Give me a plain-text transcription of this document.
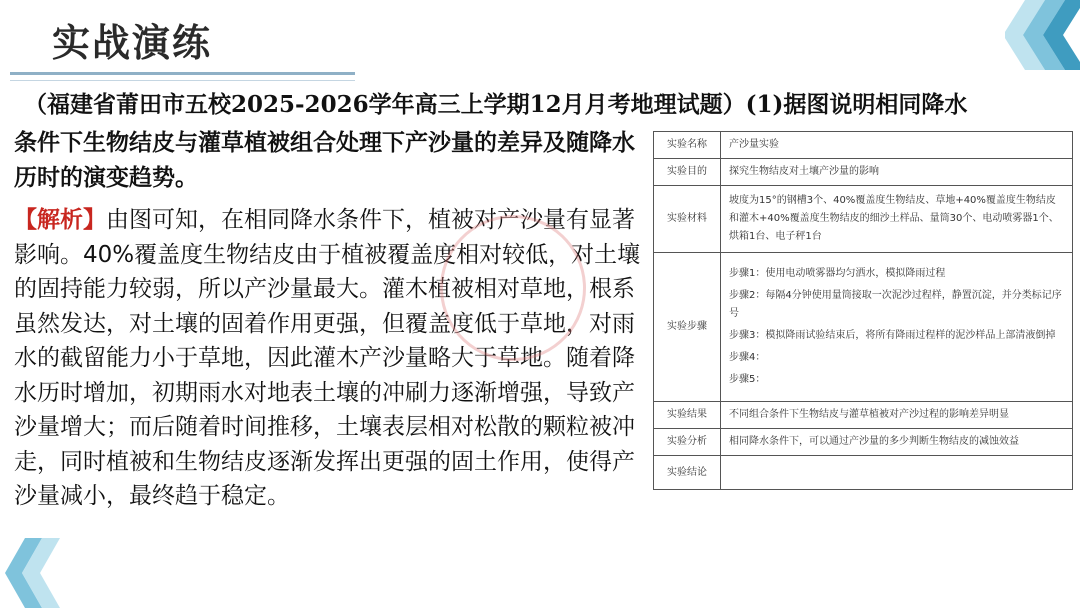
实战演练
（福建省莆田市五校2025-2026学年高三上学期12月月考地理试题）(1)据图说明相同降水

条件下生物结皮与灌草植被组合处理下产沙量的差异及随降水历时的演变趋势。

【解析】由图可知，在相同降水条件下，植被对产沙量有显著影响。40%覆盖度生物结皮由于植被覆盖度相对较低，对土壤的固持能力较弱，所以产沙量最大。灌木植被相对草地，根系虽然发达，对土壤的固着作用更强，但覆盖度低于草地，对雨水的截留能力小于草地，因此灌木产沙量略大于草地。随着降水历时增加，初期雨水对地表土壤的冲刷力逐渐增强，导致产沙量增大；而后随着时间推移，土壤表层相对松散的颗粒被冲走，同时植被和生物结皮逐渐发挥出更强的固土作用，使得产沙量减小，最终趋于稳定。

实验名称	产沙量实验
实验目的	探究生物结皮对土壤产沙量的影响
实验材料	坡度为15°的钢槽3个、40%覆盖度生物结皮、草地+40%覆盖度生物结皮和灌木+40%覆盖度生物结皮的细沙土样品、量筒30个、电动喷雾器1个、烘箱1台、电子秤1台
实验步骤	步骤1：使用电动喷雾器均匀洒水，模拟降雨过程
步骤2：每隔4分钟使用量筒接取一次泥沙过程样，静置沉淀，并分类标记序号
步骤3：模拟降雨试验结束后，将所有降雨过程样的泥沙样品上部清液倒掉
步骤4：
步骤5：

实验结果	不同组合条件下生物结皮与灌草植被对产沙过程的影响差异明显
实验分析	相同降水条件下，可以通过产沙量的多少判断生物结皮的减蚀效益
实验结论	
